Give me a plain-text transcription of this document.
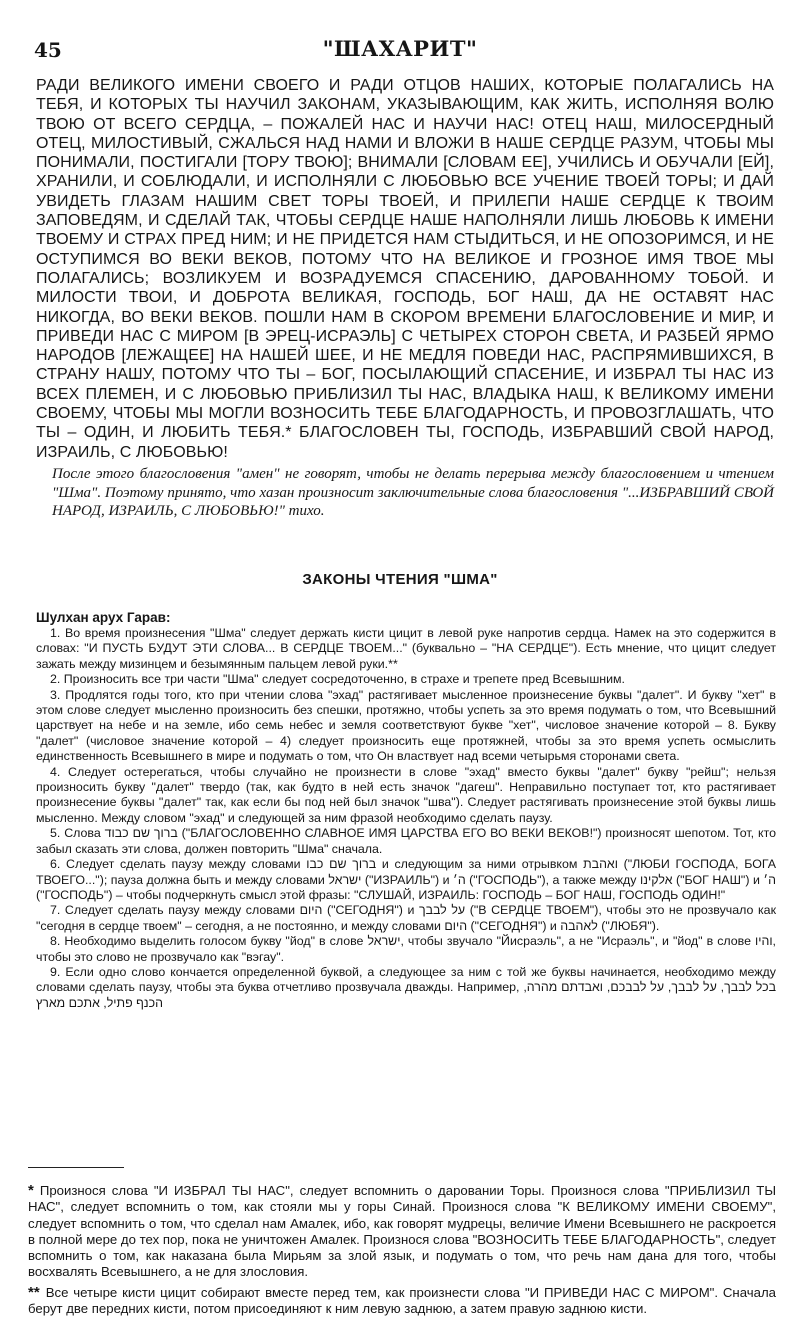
45	"ШАХАРИТ"

РАДИ ВЕЛИКОГО ИМЕНИ СВОЕГО И РАДИ ОТЦОВ НАШИХ, КОТОРЫЕ ПОЛАГАЛИСЬ НА ТЕБЯ, И КОТОРЫХ ТЫ НАУЧИЛ ЗАКОНАМ, УКАЗЫВАЮЩИМ, КАК ЖИТЬ, ИСПОЛНЯЯ ВОЛЮ ТВОЮ ОТ ВСЕГО СЕРДЦА, – ПОЖАЛЕЙ НАС И НАУЧИ НАС! ОТЕЦ НАШ, МИЛОСЕРДНЫЙ ОТЕЦ, МИЛОСТИВЫЙ, СЖАЛЬСЯ НАД НАМИ И ВЛОЖИ В НАШЕ СЕРДЦЕ РАЗУМ, ЧТОБЫ МЫ ПОНИМАЛИ, ПОСТИГАЛИ [ТОРУ ТВОЮ]; ВНИМАЛИ [СЛОВАМ ЕЕ], УЧИЛИСЬ И ОБУЧАЛИ [ЕЙ], ХРАНИЛИ, И СОБЛЮДАЛИ, И ИСПОЛНЯЛИ С ЛЮБОВЬЮ ВСЕ УЧЕНИЕ ТВОЕЙ ТОРЫ; И ДАЙ УВИДЕТЬ ГЛАЗАМ НАШИМ СВЕТ ТОРЫ ТВОЕЙ, И ПРИЛЕПИ НАШЕ СЕРДЦЕ К ТВОИМ ЗАПОВЕДЯМ, И СДЕЛАЙ ТАК, ЧТОБЫ СЕРДЦЕ НАШЕ НАПОЛНЯЛИ ЛИШЬ ЛЮБОВЬ К ИМЕНИ ТВОЕМУ И СТРАХ ПРЕД НИМ; И НЕ ПРИДЕТСЯ НАМ СТЫДИТЬСЯ, И НЕ ОПОЗОРИМСЯ, И НЕ ОСТУПИМСЯ ВО ВЕКИ ВЕКОВ, ПОТОМУ ЧТО НА ВЕЛИКОЕ И ГРОЗНОЕ ИМЯ ТВОЕ МЫ ПОЛАГАЛИСЬ; ВОЗЛИКУЕМ И ВОЗРАДУЕМСЯ СПАСЕНИЮ, ДАРОВАННОМУ ТОБОЙ. И МИЛОСТИ ТВОИ, И ДОБРОТА ВЕЛИКАЯ, ГОСПОДЬ, БОГ НАШ, ДА НЕ ОСТАВЯТ НАС НИКОГДА, ВО ВЕКИ ВЕКОВ. ПОШЛИ НАМ В СКОРОМ ВРЕМЕНИ БЛАГОСЛОВЕНИЕ И МИР, И ПРИВЕДИ НАС С МИРОМ [В ЭРЕЦ-ИСРАЭЛЬ] С ЧЕТЫРЕХ СТОРОН СВЕТА, И РАЗБЕЙ ЯРМО НАРОДОВ [ЛЕЖАЩЕЕ] НА НАШЕЙ ШЕЕ, И НЕ МЕДЛЯ ПОВЕДИ НАС, РАСПРЯМИВШИХСЯ, В СТРАНУ НАШУ, ПОТОМУ ЧТО ТЫ – БОГ, ПОСЫЛАЮЩИЙ СПАСЕНИЕ, И ИЗБРАЛ ТЫ НАС ИЗ ВСЕХ ПЛЕМЕН, И С ЛЮБОВЬЮ ПРИБЛИЗИЛ ТЫ НАС, ВЛАДЫКА НАШ, К ВЕЛИКОМУ ИМЕНИ СВОЕМУ, ЧТОБЫ МЫ МОГЛИ ВОЗНОСИТЬ ТЕБЕ БЛАГОДАРНОСТЬ, И ПРОВОЗГЛАШАТЬ, ЧТО ТЫ – ОДИН, И ЛЮБИТЬ ТЕБЯ.* БЛАГОСЛОВЕН ТЫ, ГОСПОДЬ, ИЗБРАВШИЙ СВОЙ НАРОД, ИЗРАИЛЬ, С ЛЮБОВЬЮ!

После этого благословения "амен" не говорят, чтобы не делать перерыва между благословением и чтением "Шма". Поэтому принято, что хазан произносит заключительные слова благословения "...ИЗБРАВШИЙ СВОЙ НАРОД, ИЗРАИЛЬ, С ЛЮБОВЬЮ!" тихо.

ЗАКОНЫ ЧТЕНИЯ "ШМА"

Шулхан арух Гарав:

1. Во время произнесения "Шма" следует держать кисти цицит в левой руке напротив сердца. Намек на это содержится в словах: "И ПУСТЬ БУДУТ ЭТИ СЛОВА... В СЕРДЦЕ ТВОЕМ..." (буквально – "НА СЕРДЦЕ"). Есть мнение, что цицит следует зажать между мизинцем и безымянным пальцем левой руки.**

2. Произносить все три части "Шма" следует сосредоточенно, в страхе и трепете пред Всевышним.

3. Продлятся годы того, кто при чтении слова "эхад" растягивает мысленное произнесение буквы "далет". И букву "хет" в этом слове следует мысленно произносить без спешки, протяжно, чтобы успеть за это время подумать о том, что Всевышний царствует на небе и на земле, ибо семь небес и земля соответствуют букве "хет", числовое значение которой – 8. Букву "далет" (числовое значение которой – 4) следует произносить еще протяжней, чтобы за это время успеть осмыслить единственность Всевышнего в мире и подумать о том, что Он властвует над всеми четырьмя сторонами света.

4. Следует остерегаться, чтобы случайно не произнести в слове "эхад" вместо буквы "далет" букву "рейш"; нельзя произносить букву "далет" твердо (так, как будто в ней есть значок "дагеш". Неправильно поступает тот, кто растягивает произнесение буквы "далет" так, как если бы под ней был значок "шва"). Следует растягивать произнесение этой буквы лишь мысленно. Между словом "эхад" и следующей за ним фразой необходимо сделать паузу.

5. Слова ברוך שם כבוד ("БЛАГОСЛОВЕННО СЛАВНОЕ ИМЯ ЦАРСТВА ЕГО ВО ВЕКИ ВЕКОВ!") произносят шепотом. Тот, кто забыл сказать эти слова, должен повторить "Шма" сначала.

6. Следует сделать паузу между словами ברוך שם כבו и следующим за ними отрывком ואהבת ("ЛЮБИ ГОСПОДА, БОГА ТВОЕГО..."); пауза должна быть и между словами ישראל ("ИЗРАИЛЬ") и ה׳ ("ГОСПОДЬ"), а также между אלקינו ("БОГ НАШ") и ה׳ ("ГОСПОДЬ") – чтобы подчеркнуть смысл этой фразы: "СЛУШАЙ, ИЗРАИЛЬ: ГОСПОДЬ – БОГ НАШ, ГОСПОДЬ ОДИН!"

7. Следует сделать паузу между словами היום ("СЕГОДНЯ") и על לבבך ("В СЕРДЦЕ ТВОЕМ"), чтобы это не прозвучало как "сегодня в сердце твоем" – сегодня, а не постоянно, и между словами היום ("СЕГОДНЯ") и לאהבה ("ЛЮБЯ").

8. Необходимо выделить голосом букву "йод" в слове ישראל, чтобы звучало "Йисраэль", а не "Исраэль", и "йод" в слове והיו, чтобы это слово не прозвучало как "вэгау".

9. Если одно слово кончается определенной буквой, а следующее за ним с той же буквы начинается, необходимо между словами сделать паузу, чтобы эта буква отчетливо прозвучала дважды. Например, בכל לבבך, על לבבך, על לבבכם, ואבדתם מהרה, הכנף פתיל, אתכם מארץ

* Произнося слова "И ИЗБРАЛ ТЫ НАС", следует вспомнить о даровании Торы. Произнося слова "ПРИБЛИЗИЛ ТЫ НАС", следует вспомнить о том, как стояли мы у горы Синай. Произнося слова "К ВЕЛИКОМУ ИМЕНИ СВОЕМУ", следует вспомнить о том, что сделал нам Амалек, ибо, как говорят мудрецы, величие Имени Всевышнего не раскроется в полной мере до тех пор, пока не уничтожен Амалек. Произнося слова "ВОЗНОСИТЬ ТЕБЕ БЛАГОДАРНОСТЬ", следует вспомнить о том, как наказана была Мирьям за злой язык, и подумать о том, что речь нам дана для того, чтобы восхвалять Всевышнего, а не для злословия.

** Все четыре кисти цицит собирают вместе перед тем, как произнести слова "И ПРИВЕДИ НАС С МИРОМ". Сначала берут две передних кисти, потом присоединяют к ним левую заднюю, а затем правую заднюю кисти.
